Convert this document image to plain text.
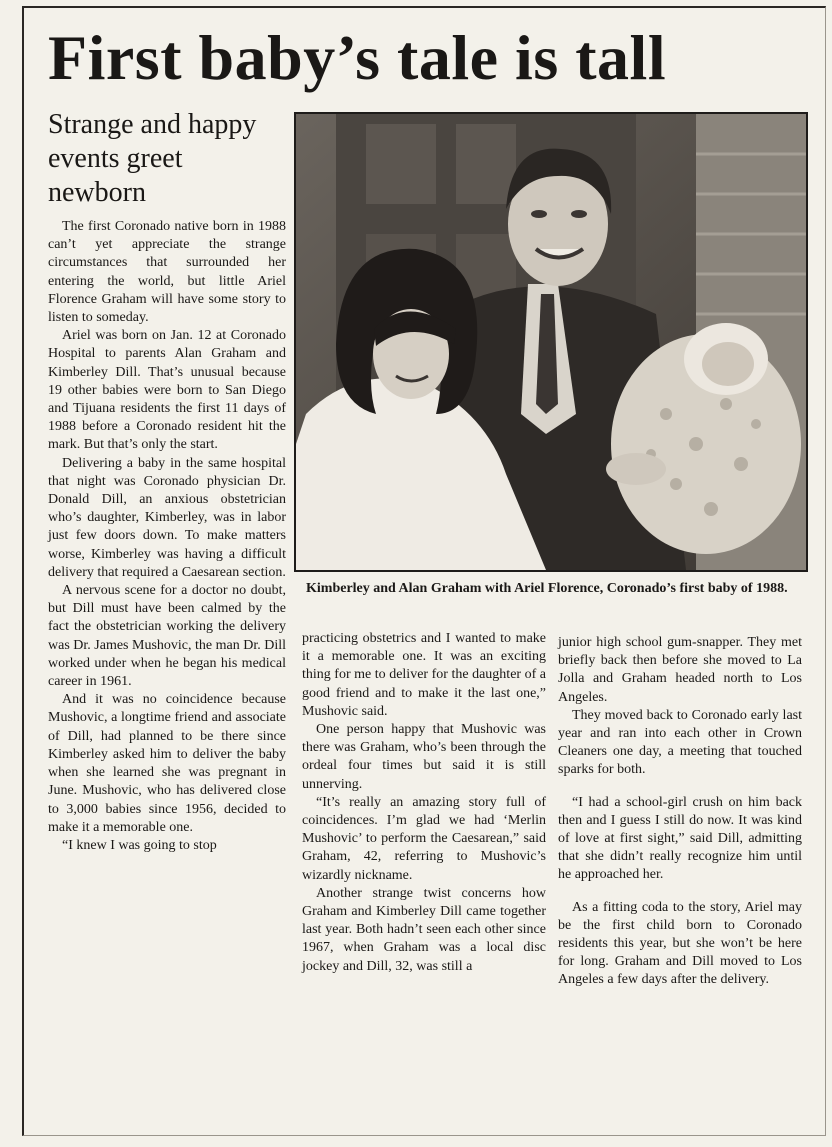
First baby’s tale is tall
Strange and happy events greet newborn

The first Coronado native born in 1988 can’t yet appreciate the strange circumstances that surrounded her entering the world, but little Ariel Florence Graham will have some story to listen to someday.

Ariel was born on Jan. 12 at Coronado Hospital to parents Alan Graham and Kimberley Dill. That’s unusual because 19 other babies were born to San Diego and Tijuana residents the first 11 days of 1988 before a Coronado resident hit the mark. But that’s only the start.

Delivering a baby in the same hospital that night was Coronado physician Dr. Donald Dill, an anxious obstetrician who’s daughter, Kimberley, was in labor just few doors down. To make matters worse, Kimberley was having a difficult delivery that required a Caesarean section.

A nervous scene for a doctor no doubt, but Dill must have been calmed by the fact the obstetrician working the delivery was Dr. James Mushovic, the man Dr. Dill worked under when he began his medical career in 1961.

And it was no coincidence because Mushovic, a longtime friend and associate of Dill, had planned to be there since Kimberley asked him to deliver the baby when she learned she was pregnant in June. Mushovic, who has delivered close to 3,000 babies since 1956, decided to make it a memorable one.

“I knew I was going to stop

Kimberley and Alan Graham with Ariel Florence, Coronado’s first baby of 1988.

practicing obstetrics and I wanted to make it a memorable one. It was an exciting thing for me to deliver for the daughter of a good friend and to make it the last one,” Mushovic said.

One person happy that Mushovic was there was Graham, who’s been through the ordeal four times but said it is still unnerving.

“It’s really an amazing story full of coincidences. I’m glad we had ‘Merlin Mushovic’ to perform the Caesarean,” said Graham, 42, referring to Mushovic’s wizardly nickname.

Another strange twist concerns how Graham and Kimberley Dill came together last year. Both hadn’t seen each other since 1967, when Graham was a local disc jockey and Dill, 32, was still a

junior high school gum-snapper. They met briefly back then before she moved to La Jolla and Graham headed north to Los Angeles.

They moved back to Coronado early last year and ran into each other in Crown Cleaners one day, a meeting that touched sparks for both.

“I had a school-girl crush on him back then and I guess I still do now. It was kind of love at first sight,” said Dill, admitting that she didn’t really recognize him until he approached her.

As a fitting coda to the story, Ariel may be the first child born to Coronado residents this year, but she won’t be here for long. Graham and Dill moved to Los Angeles a few days after the delivery.
